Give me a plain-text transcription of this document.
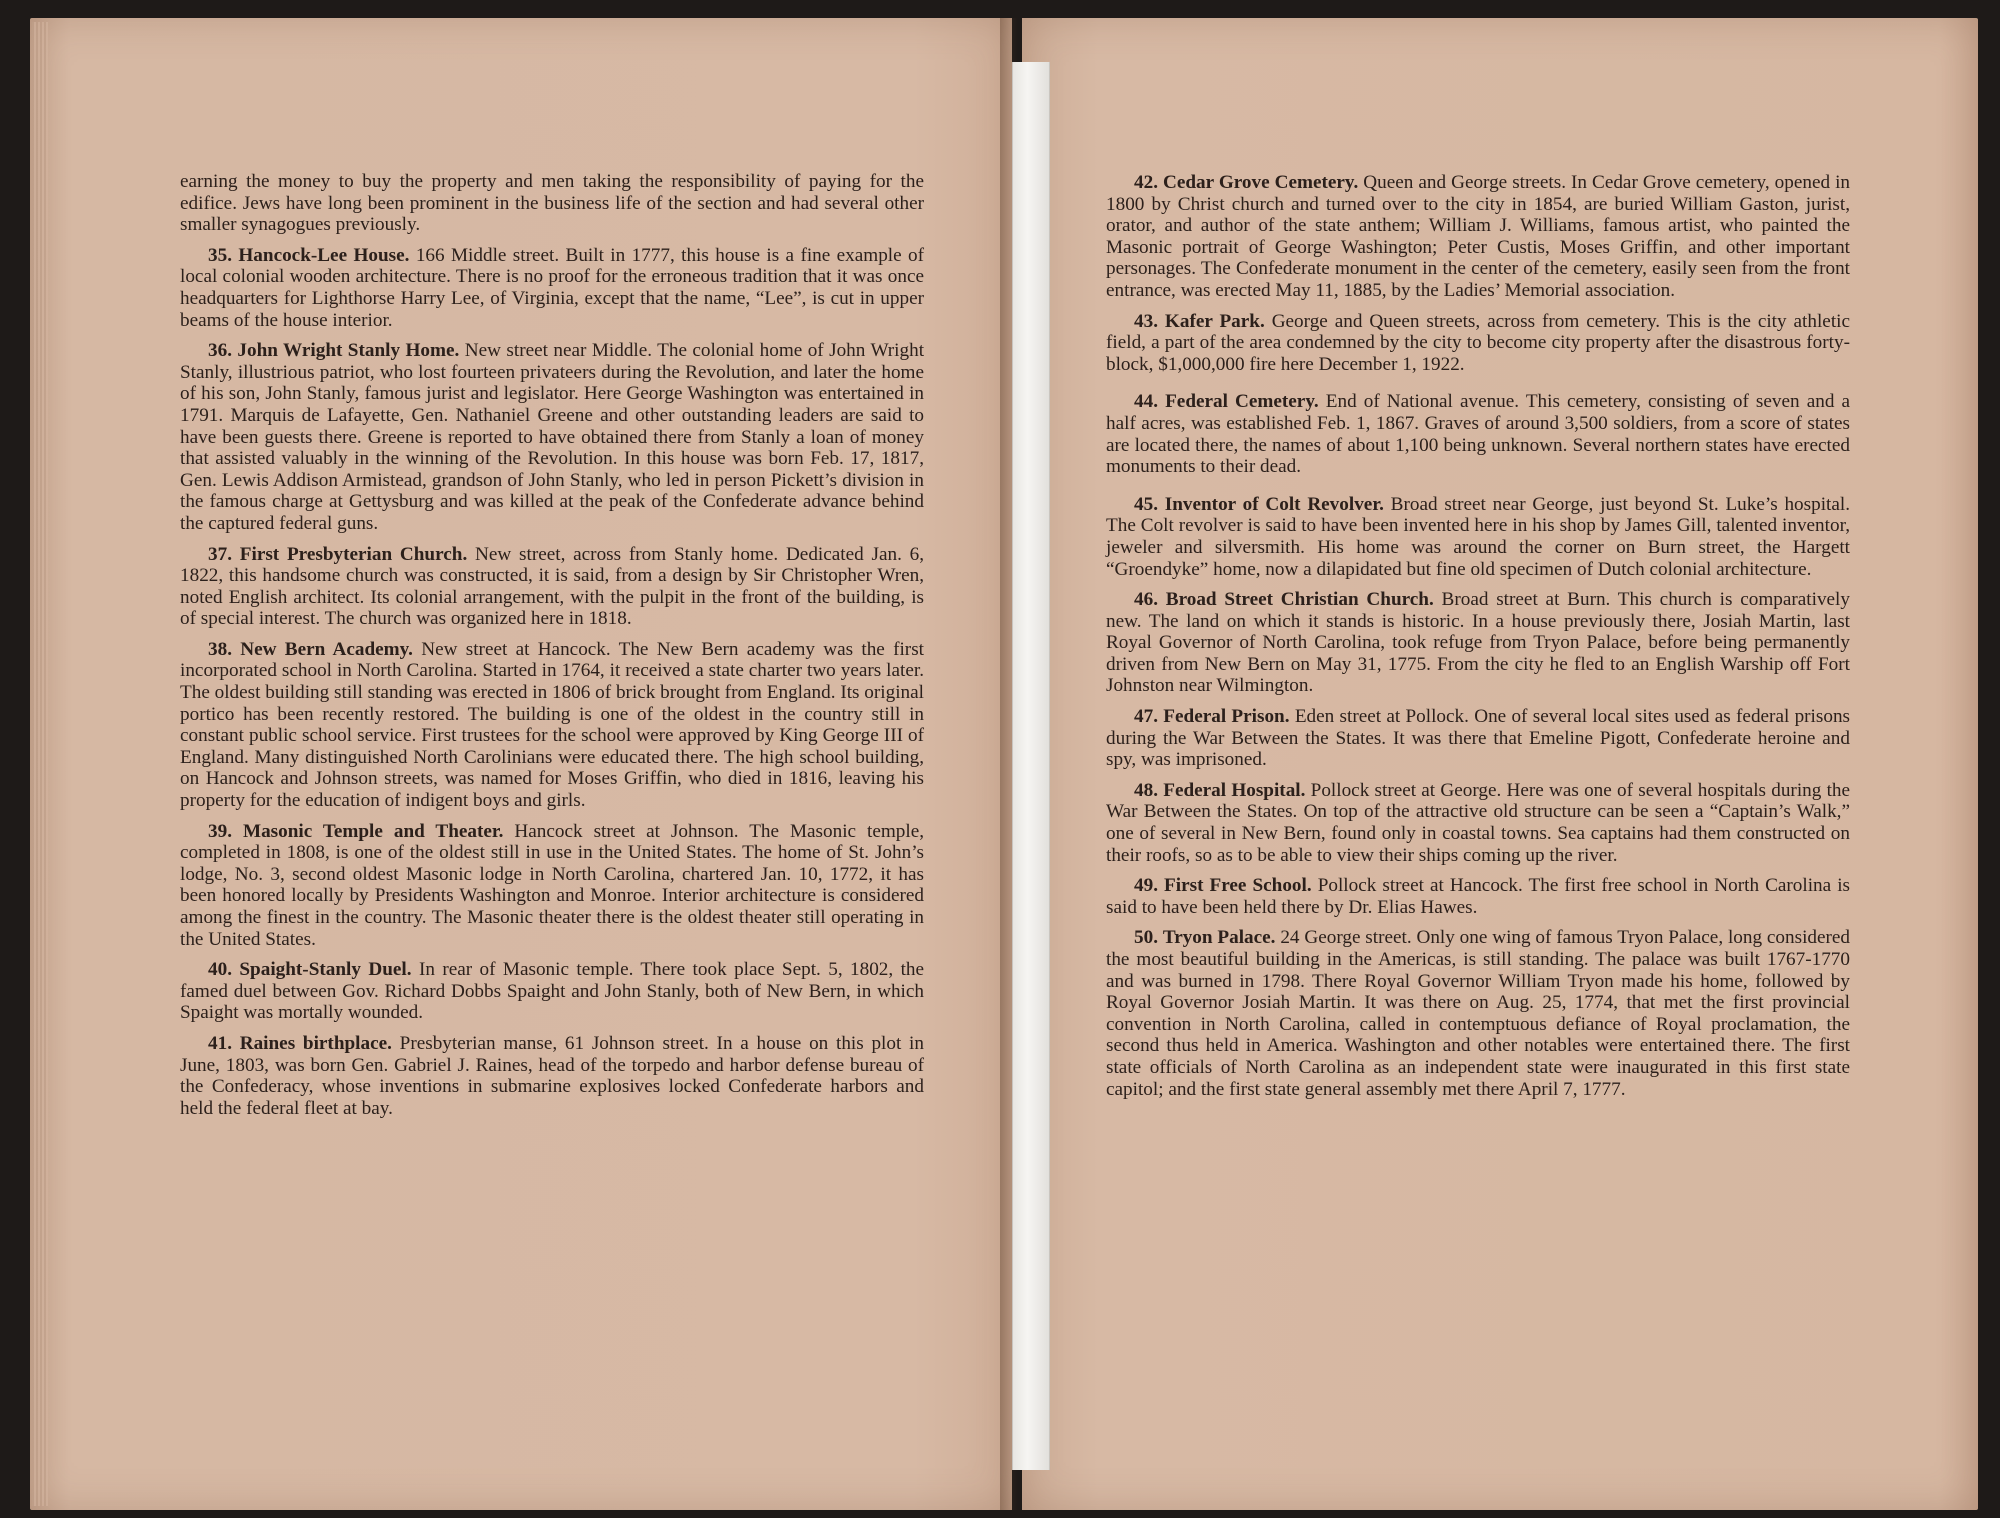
earning the money to buy the property and men taking the responsibility of paying for the edifice. Jews have long been prominent in the business life of the section and had several other smaller synagogues previously.

35. Hancock-Lee House. 166 Middle street. Built in 1777, this house is a fine example of local colonial wooden architecture. There is no proof for the erroneous tradition that it was once headquarters for Lighthorse Harry Lee, of Virginia, except that the name, “Lee”, is cut in upper beams of the house interior.

36. John Wright Stanly Home. New street near Middle. The colonial home of John Wright Stanly, illustrious patriot, who lost fourteen privateers during the Revolution, and later the home of his son, John Stanly, famous jurist and legislator. Here George Washington was entertained in 1791. Marquis de Lafayette, Gen. Nathaniel Greene and other outstanding leaders are said to have been guests there. Greene is reported to have obtained there from Stanly a loan of money that assisted valuably in the winning of the Revolution. In this house was born Feb. 17, 1817, Gen. Lewis Addison Armistead, grandson of John Stanly, who led in person Pickett’s division in the famous charge at Gettysburg and was killed at the peak of the Confederate advance behind the captured federal guns.

37. First Presbyterian Church. New street, across from Stanly home. Dedicated Jan. 6, 1822, this handsome church was constructed, it is said, from a design by Sir Christopher Wren, noted English architect. Its colonial arrangement, with the pulpit in the front of the building, is of special interest. The church was organized here in 1818.

38. New Bern Academy. New street at Hancock. The New Bern academy was the first incorporated school in North Carolina. Started in 1764, it received a state charter two years later. The oldest building still standing was erected in 1806 of brick brought from England. Its original portico has been recently restored. The building is one of the oldest in the country still in constant public school service. First trustees for the school were approved by King George III of England. Many distinguished North Carolinians were educated there. The high school building, on Hancock and Johnson streets, was named for Moses Griffin, who died in 1816, leaving his property for the education of indigent boys and girls.

39. Masonic Temple and Theater. Hancock street at Johnson. The Masonic temple, completed in 1808, is one of the oldest still in use in the United States. The home of St. John’s lodge, No. 3, second oldest Masonic lodge in North Carolina, chartered Jan. 10, 1772, it has been honored locally by Presidents Washington and Monroe. Interior architecture is considered among the finest in the country. The Masonic theater there is the oldest theater still operating in the United States.

40. Spaight-Stanly Duel. In rear of Masonic temple. There took place Sept. 5, 1802, the famed duel between Gov. Richard Dobbs Spaight and John Stanly, both of New Bern, in which Spaight was mortally wounded.

41. Raines birthplace. Presbyterian manse, 61 Johnson street. In a house on this plot in June, 1803, was born Gen. Gabriel J. Raines, head of the torpedo and harbor defense bureau of the Confederacy, whose inventions in submarine explosives locked Confederate harbors and held the federal fleet at bay.

42. Cedar Grove Cemetery. Queen and George streets. In Cedar Grove cemetery, opened in 1800 by Christ church and turned over to the city in 1854, are buried William Gaston, jurist, orator, and author of the state anthem; William J. Williams, famous artist, who painted the Masonic portrait of George Washington; Peter Custis, Moses Griffin, and other important personages. The Confederate monument in the center of the cemetery, easily seen from the front entrance, was erected May 11, 1885, by the Ladies’ Memorial association.

43. Kafer Park. George and Queen streets, across from cemetery. This is the city athletic field, a part of the area condemned by the city to become city property after the disastrous forty-block, $1,000,000 fire here December 1, 1922.

44. Federal Cemetery. End of National avenue. This cemetery, consisting of seven and a half acres, was established Feb. 1, 1867. Graves of around 3,500 soldiers, from a score of states are located there, the names of about 1,100 being unknown. Several northern states have erected monuments to their dead.

45. Inventor of Colt Revolver. Broad street near George, just beyond St. Luke’s hospital. The Colt revolver is said to have been invented here in his shop by James Gill, talented inventor, jeweler and silversmith. His home was around the corner on Burn street, the Hargett “Groendyke” home, now a dilapidated but fine old specimen of Dutch colonial architecture.

46. Broad Street Christian Church. Broad street at Burn. This church is comparatively new. The land on which it stands is historic. In a house previously there, Josiah Martin, last Royal Governor of North Carolina, took refuge from Tryon Palace, before being permanently driven from New Bern on May 31, 1775. From the city he fled to an English Warship off Fort Johnston near Wilmington.

47. Federal Prison. Eden street at Pollock. One of several local sites used as federal prisons during the War Between the States. It was there that Emeline Pigott, Confederate heroine and spy, was imprisoned.

48. Federal Hospital. Pollock street at George. Here was one of several hospitals during the War Between the States. On top of the attractive old structure can be seen a “Captain’s Walk,” one of several in New Bern, found only in coastal towns. Sea captains had them constructed on their roofs, so as to be able to view their ships coming up the river.

49. First Free School. Pollock street at Hancock. The first free school in North Carolina is said to have been held there by Dr. Elias Hawes.

50. Tryon Palace. 24 George street. Only one wing of famous Tryon Palace, long considered the most beautiful building in the Americas, is still standing. The palace was built 1767-1770 and was burned in 1798. There Royal Governor William Tryon made his home, followed by Royal Governor Josiah Martin. It was there on Aug. 25, 1774, that met the first provincial convention in North Carolina, called in contemptuous defiance of Royal proclamation, the second thus held in America. Washington and other notables were entertained there. The first state officials of North Carolina as an independent state were inaugurated in this first state capitol; and the first state general assembly met there April 7, 1777.
